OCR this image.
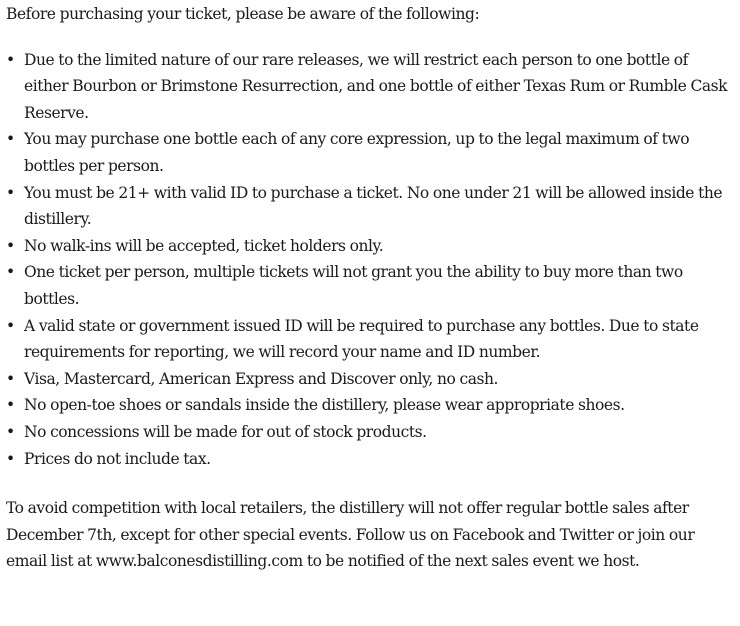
Before purchasing your ticket, please be aware of the following:

• Due to the limited nature of our rare releases, we will restrict each person to one bottle of either Bourbon or Brimstone Resurrection, and one bottle of either Texas Rum or Rumble Cask Reserve.
• You may purchase one bottle each of any core expression, up to the legal maximum of two bottles per person.
• You must be 21+ with valid ID to purchase a ticket. No one under 21 will be allowed inside the distillery.
• No walk-ins will be accepted, ticket holders only.
• One ticket per person, multiple tickets will not grant you the ability to buy more than two bottles.
• A valid state or government issued ID will be required to purchase any bottles. Due to state requirements for reporting, we will record your name and ID number.
• Visa, Mastercard, American Express and Discover only, no cash.
• No open-toe shoes or sandals inside the distillery, please wear appropriate shoes.
• No concessions will be made for out of stock products.
• Prices do not include tax.

To avoid competition with local retailers, the distillery will not offer regular bottle sales after December 7th, except for other special events. Follow us on Facebook and Twitter or join our email list at www.balconesdistilling.com to be notified of the next sales event we host.
